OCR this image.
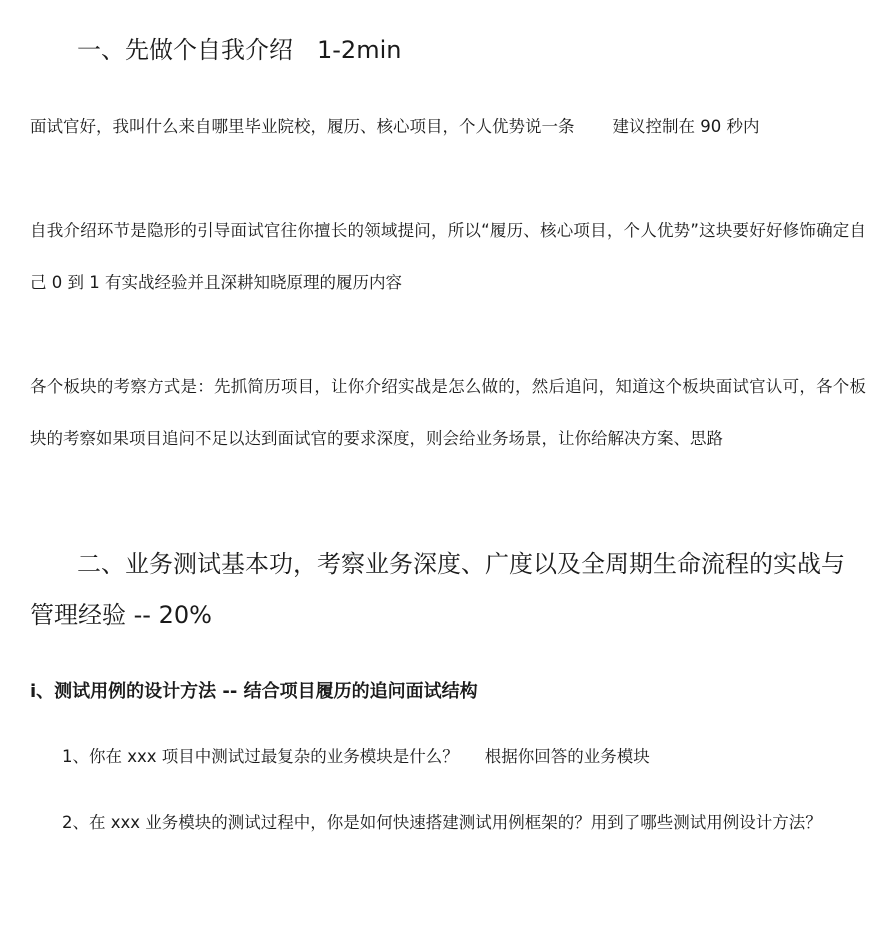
一、先做个自我介绍 1-2min

面试官好，我叫什么来自哪里毕业院校，履历、核心项目，个人优势说一条 建议控制在 90 秒内

自我介绍环节是隐形的引导面试官往你擅长的领域提问，所以“履历、核心项目，个人优势”这块要好好修饰确定自己 0 到 1 有实战经验并且深耕知晓原理的履历内容

各个板块的考察方式是：先抓简历项目，让你介绍实战是怎么做的，然后追问，知道这个板块面试官认可，各个板块的考察如果项目追问不足以达到面试官的要求深度，则会给业务场景，让你给解决方案、思路

二、业务测试基本功，考察业务深度、广度以及全周期生命流程的实战与管理经验 -- 20%
i、测试用例的设计方法 -- 结合项目履历的追问面试结构

1、你在 xxx 项目中测试过最复杂的业务模块是什么？ 根据你回答的业务模块

2、在 xxx 业务模块的测试过程中，你是如何快速搭建测试用例框架的？用到了哪些测试用例设计方法？
